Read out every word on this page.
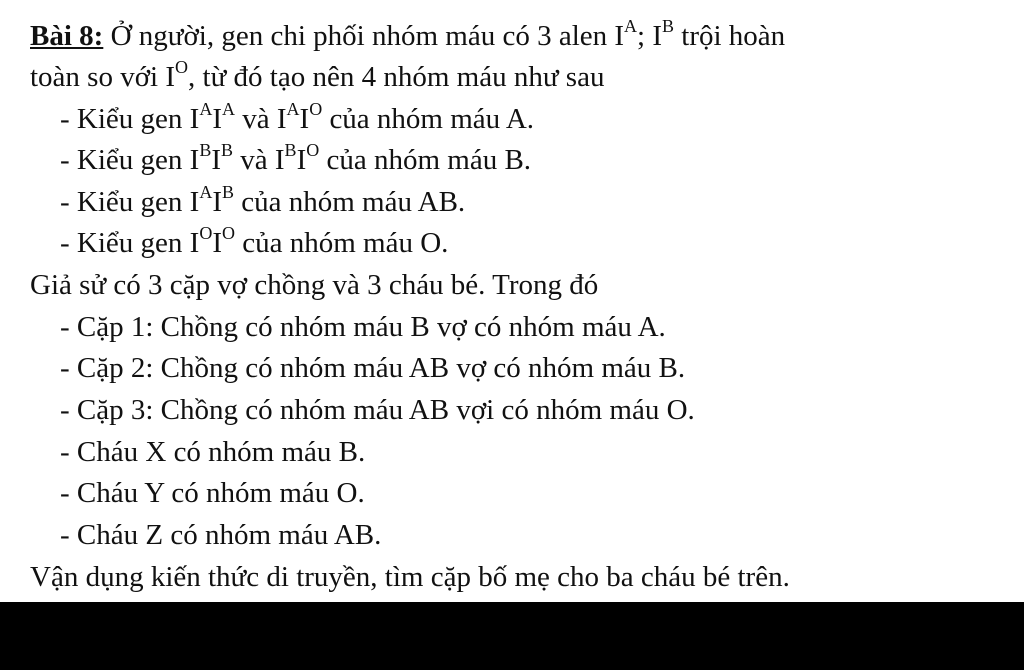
Bài 8: Ở người, gen chi phối nhóm máu có 3 alen $I^A$; $I^B$ trội hoàn
toàn so với $I^O$, từ đó tạo nên 4 nhóm máu như sau
- Kiểu gen $I^AI^A$ và $I^AI^O$ của nhóm máu A.
- Kiểu gen $I^BI^B$ và $I^BI^O$ của nhóm máu B.
- Kiểu gen $I^AI^B$ của nhóm máu AB.
- Kiểu gen $I^OI^O$ của nhóm máu O.
Giả sử có 3 cặp vợ chồng và 3 cháu bé. Trong đó
- Cặp 1: Chồng có nhóm máu B vợ có nhóm máu A.
- Cặp 2: Chồng có nhóm máu AB vợ có nhóm máu B.
- Cặp 3: Chồng có nhóm máu AB vợi có nhóm máu O.
- Cháu X có nhóm máu B.
- Cháu Y có nhóm máu O.
- Cháu Z có nhóm máu AB.
Vận dụng kiến thức di truyền, tìm cặp bố mẹ cho ba cháu bé trên.
